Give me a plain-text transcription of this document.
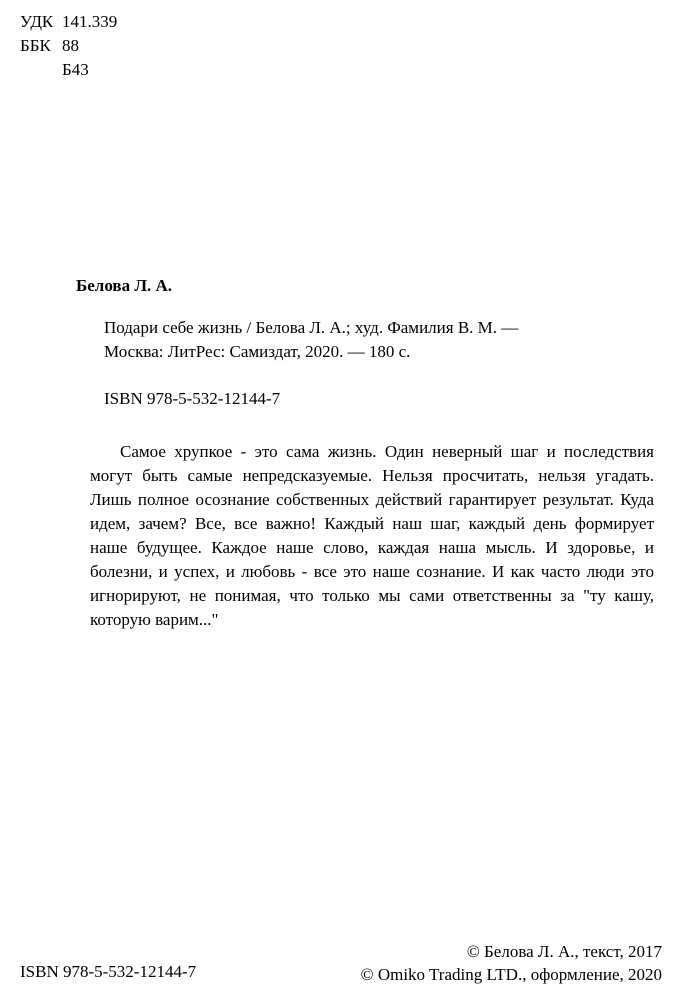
УДК 141.339
ББК 88
Б43
Белова Л. А.
Подари себе жизнь / Белова Л. А.; худ. Фамилия В. М. —
Москва: ЛитРес: Самиздат, 2020. — 180 с.
ISBN 978-5-532-12144-7

Самое хрупкое - это сама жизнь. Один неверный шаг и последствия могут быть самые непредсказуемые. Нельзя просчитать, нельзя угадать. Лишь полное осознание собственных действий гарантирует результат. Куда идем, зачем? Все, все важно! Каждый наш шаг, каждый день формирует наше будущее. Каждое наше слово, каждая наша мысль. И здоровье, и болезни, и успех, и любовь - все это наше сознание. И как часто люди это игнорируют, не понимая, что только мы сами ответственны за "ту кашу, которую варим..."

ISBN 978-5-532-12144-7
© Белова Л. А., текст, 2017
© Omiko Trading LTD., оформление, 2020
